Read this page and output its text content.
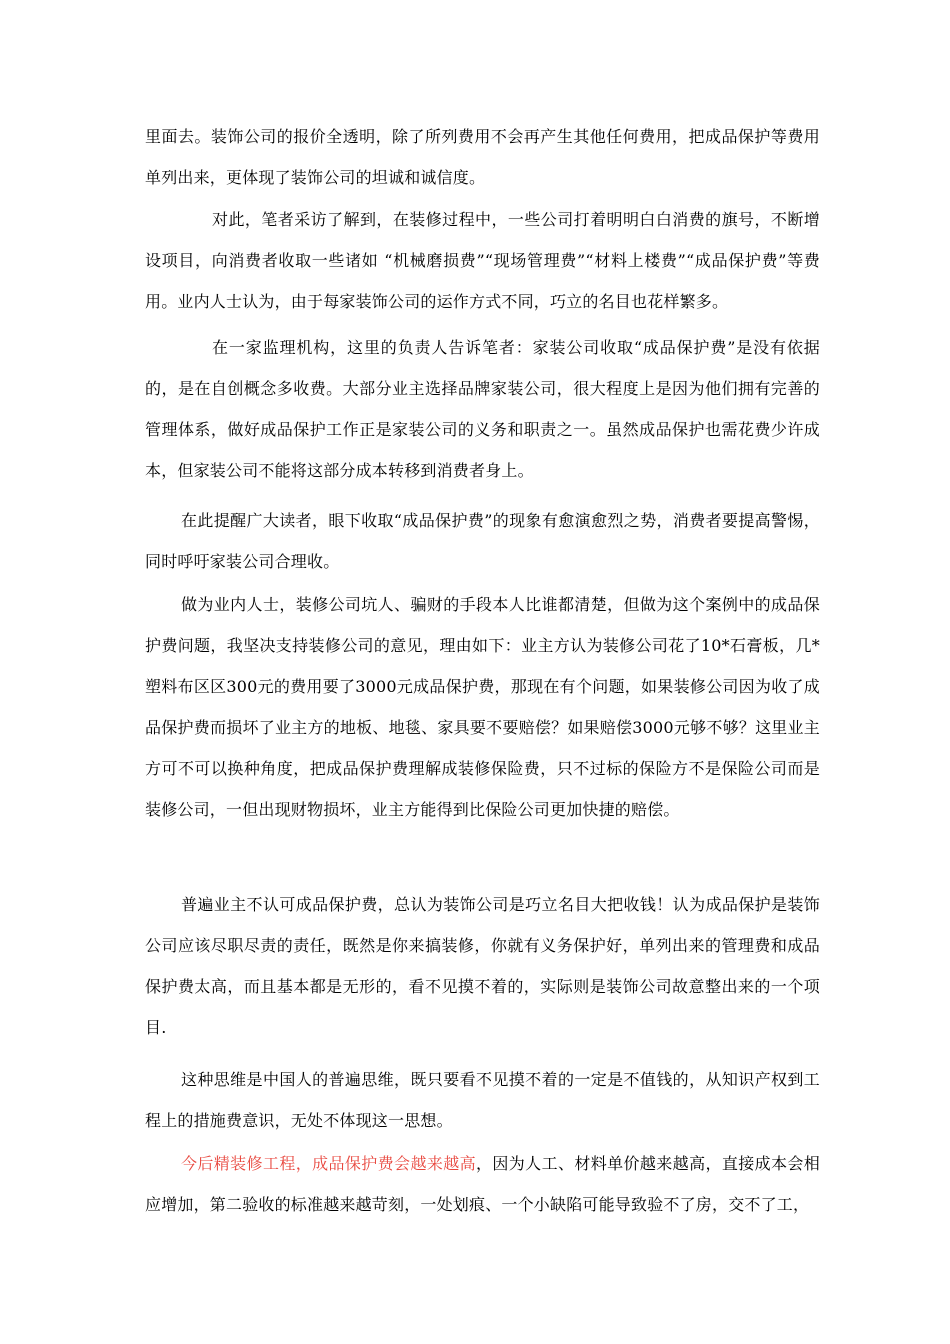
里面去。装饰公司的报价全透明，除了所列费用不会再产生其他任何费用，把成品保护等费用单列出来，更体现了装饰公司的坦诚和诚信度。

对此，笔者采访了解到，在装修过程中，一些公司打着明明白白消费的旗号，不断增设项目，向消费者收取一些诸如 “机械磨损费”“现场管理费”“材料上楼费”“成品保护费”等费用。业内人士认为，由于每家装饰公司的运作方式不同，巧立的名目也花样繁多。

在一家监理机构，这里的负责人告诉笔者：家装公司收取“成品保护费”是没有依据的，是在自创概念多收费。大部分业主选择品牌家装公司，很大程度上是因为他们拥有完善的管理体系，做好成品保护工作正是家装公司的义务和职责之一。虽然成品保护也需花费少许成本，但家装公司不能将这部分成本转移到消费者身上。

在此提醒广大读者，眼下收取“成品保护费”的现象有愈演愈烈之势，消费者要提高警惕，同时呼吁家装公司合理收。

做为业内人士，装修公司坑人、骗财的手段本人比谁都清楚，但做为这个案例中的成品保护费问题，我坚决支持装修公司的意见，理由如下：业主方认为装修公司花了10*石膏板，几*塑料布区区300元的费用要了3000元成品保护费，那现在有个问题，如果装修公司因为收了成品保护费而损坏了业主方的地板、地毯、家具要不要赔偿？如果赔偿3000元够不够？这里业主方可不可以换种角度，把成品保护费理解成装修保险费，只不过标的保险方不是保险公司而是装修公司，一但出现财物损坏，业主方能得到比保险公司更加快捷的赔偿。

普遍业主不认可成品保护费，总认为装饰公司是巧立名目大把收钱！认为成品保护是装饰公司应该尽职尽责的责任，既然是你来搞装修，你就有义务保护好，单列出来的管理费和成品保护费太高，而且基本都是无形的，看不见摸不着的，实际则是装饰公司故意整出来的一个项目.

这种思维是中国人的普遍思维，既只要看不见摸不着的一定是不值钱的，从知识产权到工程上的措施费意识，无处不体现这一思想。

今后精装修工程，成品保护费会越来越高，因为人工、材料单价越来越高，直接成本会相应增加，第二验收的标准越来越苛刻，一处划痕、一个小缺陷可能导致验不了房，交不了工，
